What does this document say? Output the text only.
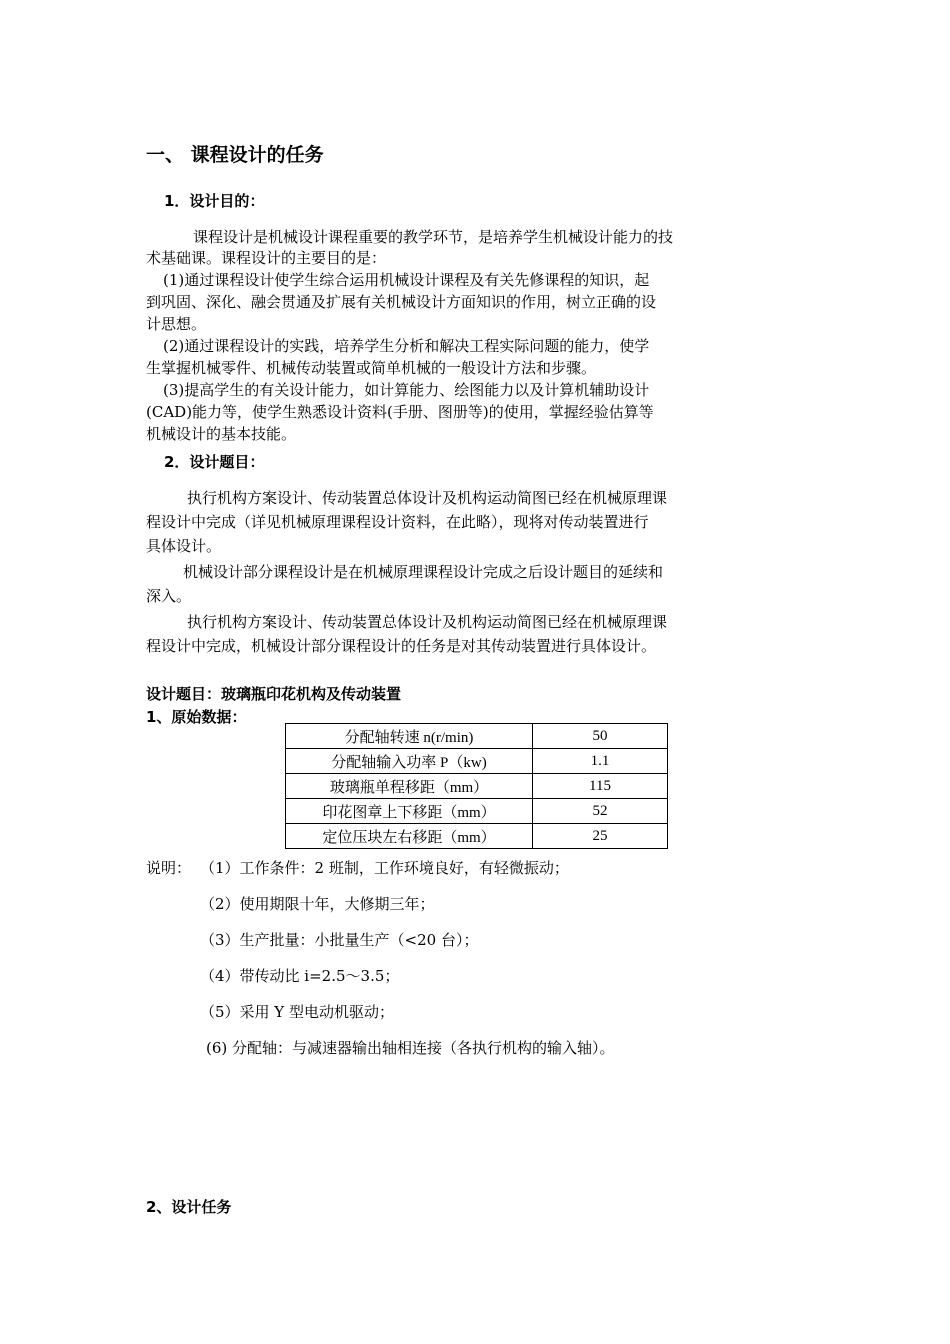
一、 课程设计的任务
1．设计目的：
课程设计是机械设计课程重要的教学环节，是培养学生机械设计能力的技
术基础课。课程设计的主要目的是：
(1)通过课程设计使学生综合运用机械设计课程及有关先修课程的知识，起
到巩固、深化、融会贯通及扩展有关机械设计方面知识的作用，树立正确的设
计思想。
(2)通过课程设计的实践，培养学生分析和解决工程实际问题的能力，使学
生掌握机械零件、机械传动装置或简单机械的一般设计方法和步骤。
(3)提高学生的有关设计能力，如计算能力、绘图能力以及计算机辅助设计
(CAD)能力等，使学生熟悉设计资料(手册、图册等)的使用，掌握经验估算等
机械设计的基本技能。
2．设计题目：
执行机构方案设计、传动装置总体设计及机构运动简图已经在机械原理课
程设计中完成（详见机械原理课程设计资料，在此略），现将对传动装置进行
具体设计。
机械设计部分课程设计是在机械原理课程设计完成之后设计题目的延续和
深入。
执行机构方案设计、传动装置总体设计及机构运动简图已经在机械原理课
程设计中完成，机械设计部分课程设计的任务是对其传动装置进行具体设计。
设计题目：玻璃瓶印花机构及传动装置
1、原始数据：
分配轴转速 n(r/min)	50
分配轴输入功率 P（kw)	1.1
玻璃瓶单程移距（mm）	115
印花图章上下移距（mm）	52
定位压块左右移距（mm）	25
说明： （1）工作条件：2 班制，工作环境良好，有轻微振动；
（2）使用期限十年，大修期三年；
（3）生产批量：小批量生产（<20 台）；
（4）带传动比 i=2.5～3.5；
（5）采用 Y 型电动机驱动；
(6) 分配轴：与减速器输出轴相连接（各执行机构的输入轴）。
2、设计任务
